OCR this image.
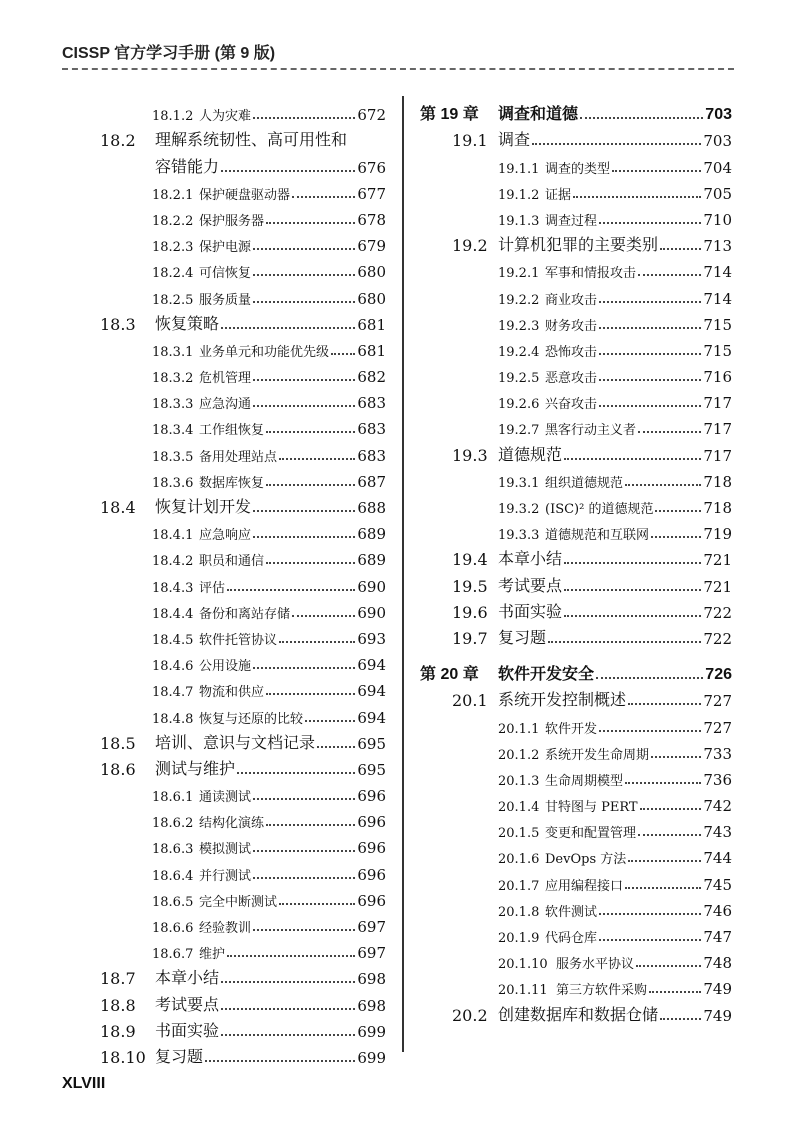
CISSP 官方学习手册 (第 9 版)
18.1.2 人为灾难	672
18.2	理解系统韧性、高可用性和
容错能力	676
18.2.1 保护硬盘驱动器	677
18.2.2 保护服务器	678
18.2.3 保护电源	679
18.2.4 可信恢复	680
18.2.5 服务质量	680
18.3	恢复策略	681
18.3.1 业务单元和功能优先级 681
18.3.2 危机管理	682
18.3.3 应急沟通	683
18.3.4 工作组恢复	683
18.3.5 备用处理站点	683
18.3.6 数据库恢复	687
18.4	恢复计划开发	688
18.4.1 应急响应	689
18.4.2 职员和通信	689
18.4.3 评估	690
18.4.4 备份和离站存储	690
18.4.5 软件托管协议	693
18.4.6 公用设施	694
18.4.7 物流和供应	694
18.4.8 恢复与还原的比较	694
18.5	培训、意识与文档记录	695
18.6	测试与维护	695
18.6.1 通读测试	696
18.6.2 结构化演练	696
18.6.3 模拟测试	696
18.6.4 并行测试	696
18.6.5 完全中断测试	696
18.6.6 经验教训	697
18.6.7 维护	697
18.7	本章小结	698
18.8	考试要点	698
18.9	书面实验	699
18.10 复习题	699
第 19 章	调查和道德	703
19.1 调查	703
19.1.1 调查的类型	704
19.1.2 证据	705
19.1.3 调查过程	710
19.2 计算机犯罪的主要类别	713
19.2.1 军事和情报攻击	714
19.2.2 商业攻击	714
19.2.3 财务攻击	715
19.2.4 恐怖攻击	715
19.2.5 恶意攻击	716
19.2.6 兴奋攻击	717
19.2.7 黑客行动主义者	717
19.3 道德规范	717
19.3.1 组织道德规范	718
19.3.2 (ISC)² 的道德规范	718
19.3.3 道德规范和互联网	719
19.4 本章小结	721
19.5 考试要点	721
19.6 书面实验	722
19.7 复习题	722
第 20 章	软件开发安全	726
20.1 系统开发控制概述	727
20.1.1 软件开发	727
20.1.2 系统开发生命周期	733
20.1.3 生命周期模型	736
20.1.4 甘特图与 PERT	742
20.1.5 变更和配置管理	743
20.1.6 DevOps 方法	744
20.1.7 应用编程接口	745
20.1.8 软件测试	746
20.1.9 代码仓库	747
20.1.10 服务水平协议	748
20.1.11 第三方软件采购	749
20.2 创建数据库和数据仓储	749
XLVIII
